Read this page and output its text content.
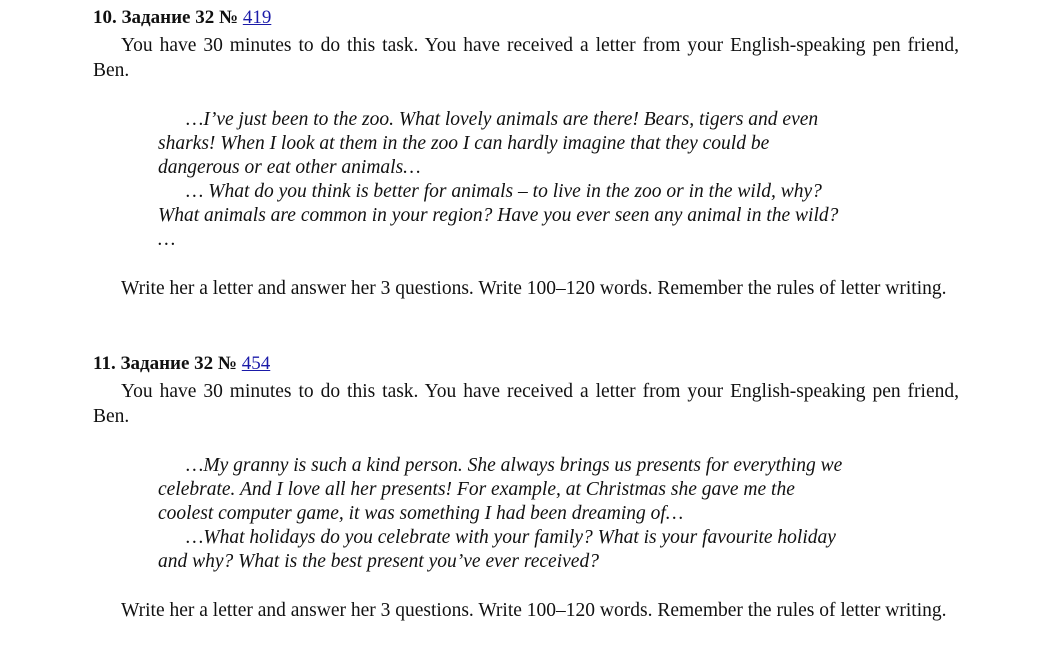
10. Задание 32 № 419

You have 30 minutes to do this task. You have received a letter from your English-speaking pen friend, Ben.

…I’ve just been to the zoo. What lovely animals are there! Bears, tigers and even

sharks! When I look at them in the zoo I can hardly imagine that they could be

dangerous or eat other animals…

… What do you think is better for animals – to live in the zoo or in the wild, why?

What animals are common in your region? Have you ever seen any animal in the wild?

…

Write her a letter and answer her 3 questions. Write 100–120 words. Remember the rules of letter writing.

11. Задание 32 № 454

You have 30 minutes to do this task. You have received a letter from your English-speaking pen friend, Ben.

…My granny is such a kind person. She always brings us presents for everything we

celebrate. And I love all her presents! For example, at Christmas she gave me the

coolest computer game, it was something I had been dreaming of…

…What holidays do you celebrate with your family? What is your favourite holiday

and why? What is the best present you’ve ever received?

Write her a letter and answer her 3 questions. Write 100–120 words. Remember the rules of letter writing.
